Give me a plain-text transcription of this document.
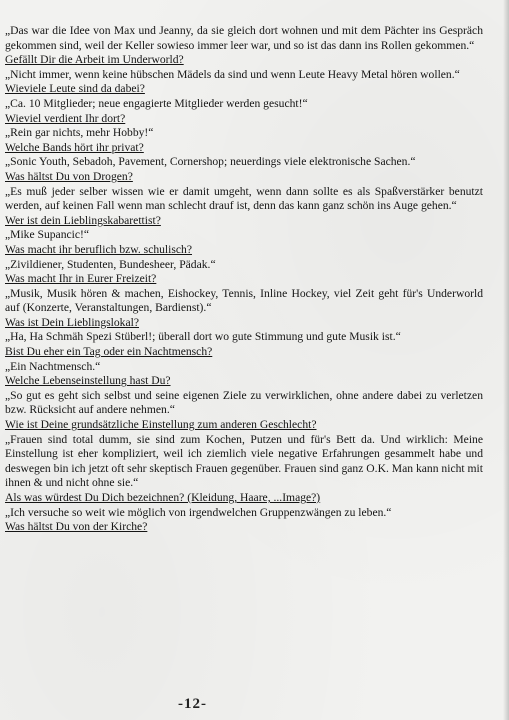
„Das war die Idee von Max und Jeanny, da sie gleich dort wohnen und mit dem Pächter ins Gespräch gekommen sind, weil der Keller sowieso immer leer war, und so ist das dann ins Rollen gekommen.“

Gefällt Dir die Arbeit im Underworld?

„Nicht immer, wenn keine hübschen Mädels da sind und wenn Leute Heavy Metal hören wollen.“

Wieviele Leute sind da dabei?

„Ca. 10 Mitglieder; neue engagierte Mitglieder werden gesucht!“

Wieviel verdient Ihr dort?

„Rein gar nichts, mehr Hobby!“

Welche Bands hört ihr privat?

„Sonic Youth, Sebadoh, Pavement, Cornershop; neuerdings viele elektronische Sachen.“

Was hältst Du von Drogen?

„Es muß jeder selber wissen wie er damit umgeht, wenn dann sollte es als Spaßverstärker benutzt werden, auf keinen Fall wenn man schlecht drauf ist, denn das kann ganz schön ins Auge gehen.“

Wer ist dein Lieblingskabarettist?

„Mike Supancic!“

Was macht ihr beruflich bzw. schulisch?

„Zivildiener, Studenten, Bundesheer, Pädak.“

Was macht Ihr in Eurer Freizeit?

„Musik, Musik hören & machen, Eishockey, Tennis, Inline Hockey, viel Zeit geht für's Underworld auf (Konzerte, Veranstaltungen, Bardienst).“

Was ist Dein Lieblingslokal?

„Ha, Ha Schmäh Spezi Stüberl!; überall dort wo gute Stimmung und gute Musik ist.“

Bist Du eher ein Tag oder ein Nachtmensch?

„Ein Nachtmensch.“

Welche Lebenseinstellung hast Du?

„So gut es geht sich selbst und seine eigenen Ziele zu verwirklichen, ohne andere dabei zu verletzen bzw. Rücksicht auf andere nehmen.“

Wie ist Deine grundsätzliche Einstellung zum anderen Geschlecht?

„Frauen sind total dumm, sie sind zum Kochen, Putzen und für's Bett da. Und wirklich: Meine Einstellung ist eher kompliziert, weil ich ziemlich viele negative Erfahrungen gesammelt habe und deswegen bin ich jetzt oft sehr skeptisch Frauen gegenüber. Frauen sind ganz O.K. Man kann nicht mit ihnen & und nicht ohne sie.“

Als was würdest Du Dich bezeichnen? (Kleidung, Haare, ...Image?)

„Ich versuche so weit wie möglich von irgendwelchen Gruppenzwängen zu leben.“

Was hältst Du von der Kirche?

-12-
